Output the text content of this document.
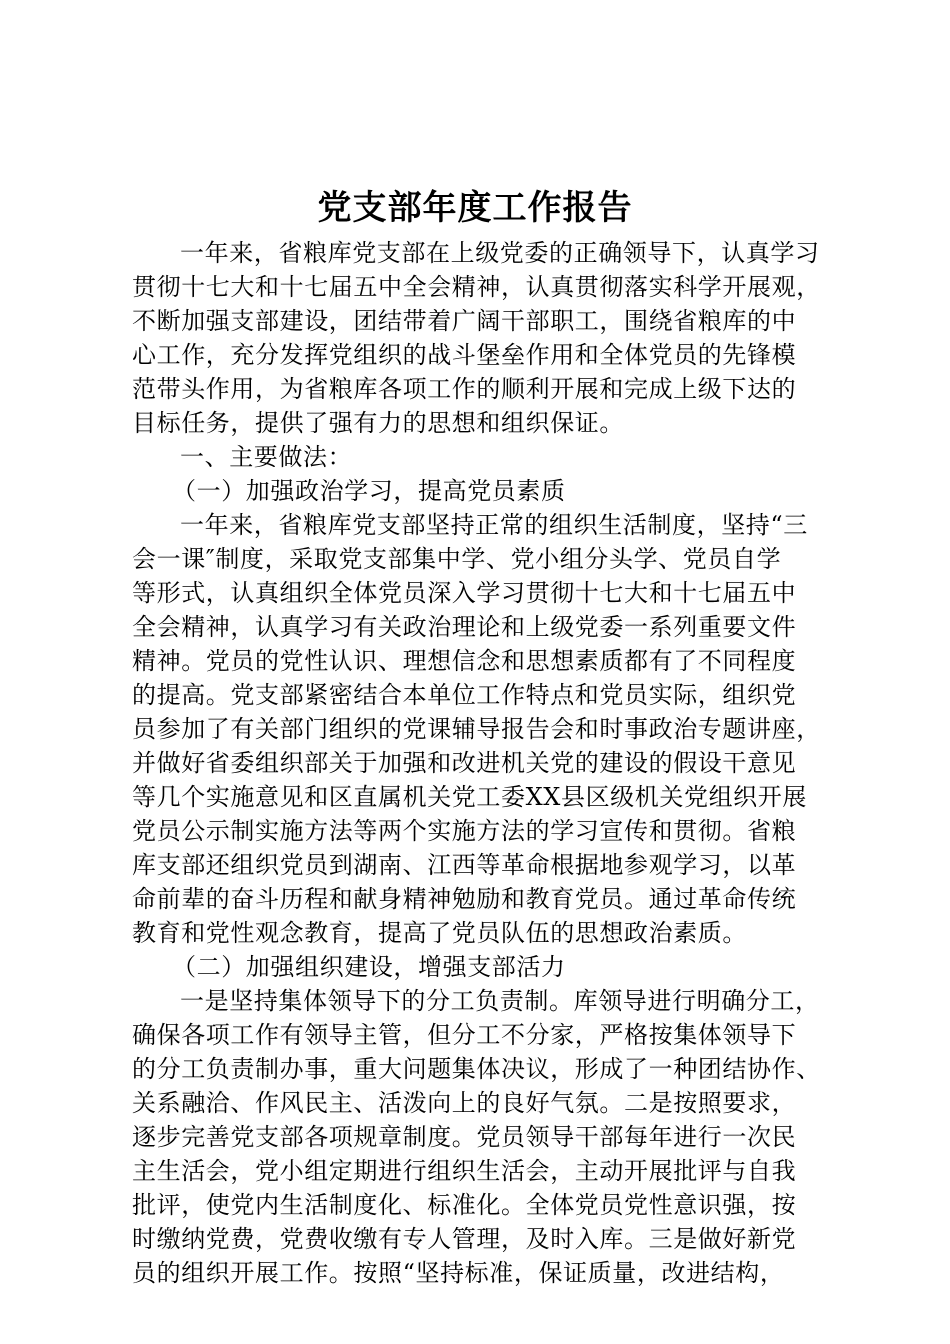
党支部年度工作报告
一年来，省粮库党支部在上级党委的正确领导下，认真学习
贯彻十七大和十七届五中全会精神，认真贯彻落实科学开展观，
不断加强支部建设，团结带着广阔干部职工，围绕省粮库的中
心工作，充分发挥党组织的战斗堡垒作用和全体党员的先锋模
范带头作用，为省粮库各项工作的顺利开展和完成上级下达的
目标任务，提供了强有力的思想和组织保证。
一、主要做法：
（一）加强政治学习，提高党员素质
一年来，省粮库党支部坚持正常的组织生活制度，坚持“三
会一课″制度，采取党支部集中学、党小组分头学、党员自学
等形式，认真组织全体党员深入学习贯彻十七大和十七届五中
全会精神，认真学习有关政治理论和上级党委一系列重要文件
精神。党员的党性认识、理想信念和思想素质都有了不同程度
的提高。党支部紧密结合本单位工作特点和党员实际，组织党
员参加了有关部门组织的党课辅导报告会和时事政治专题讲座，
并做好省委组织部关于加强和改进机关党的建设的假设干意见
等几个实施意见和区直属机关党工委XX县区级机关党组织开展
党员公示制实施方法等两个实施方法的学习宣传和贯彻。省粮
库支部还组织党员到湖南、江西等革命根据地参观学习，以革
命前辈的奋斗历程和献身精神勉励和教育党员。通过革命传统
教育和党性观念教育，提高了党员队伍的思想政治素质。
（二）加强组织建设，增强支部活力
一是坚持集体领导下的分工负责制。库领导进行明确分工，
确保各项工作有领导主管，但分工不分家，严格按集体领导下
的分工负责制办事，重大问题集体决议，形成了一种团结协作、
关系融洽、作风民主、活泼向上的良好气氛。二是按照要求，
逐步完善党支部各项规章制度。党员领导干部每年进行一次民
主生活会，党小组定期进行组织生活会，主动开展批评与自我
批评，使党内生活制度化、标准化。全体党员党性意识强，按
时缴纳党费，党费收缴有专人管理，及时入库。三是做好新党
员的组织开展工作。按照“坚持标准，保证质量，改进结构，
